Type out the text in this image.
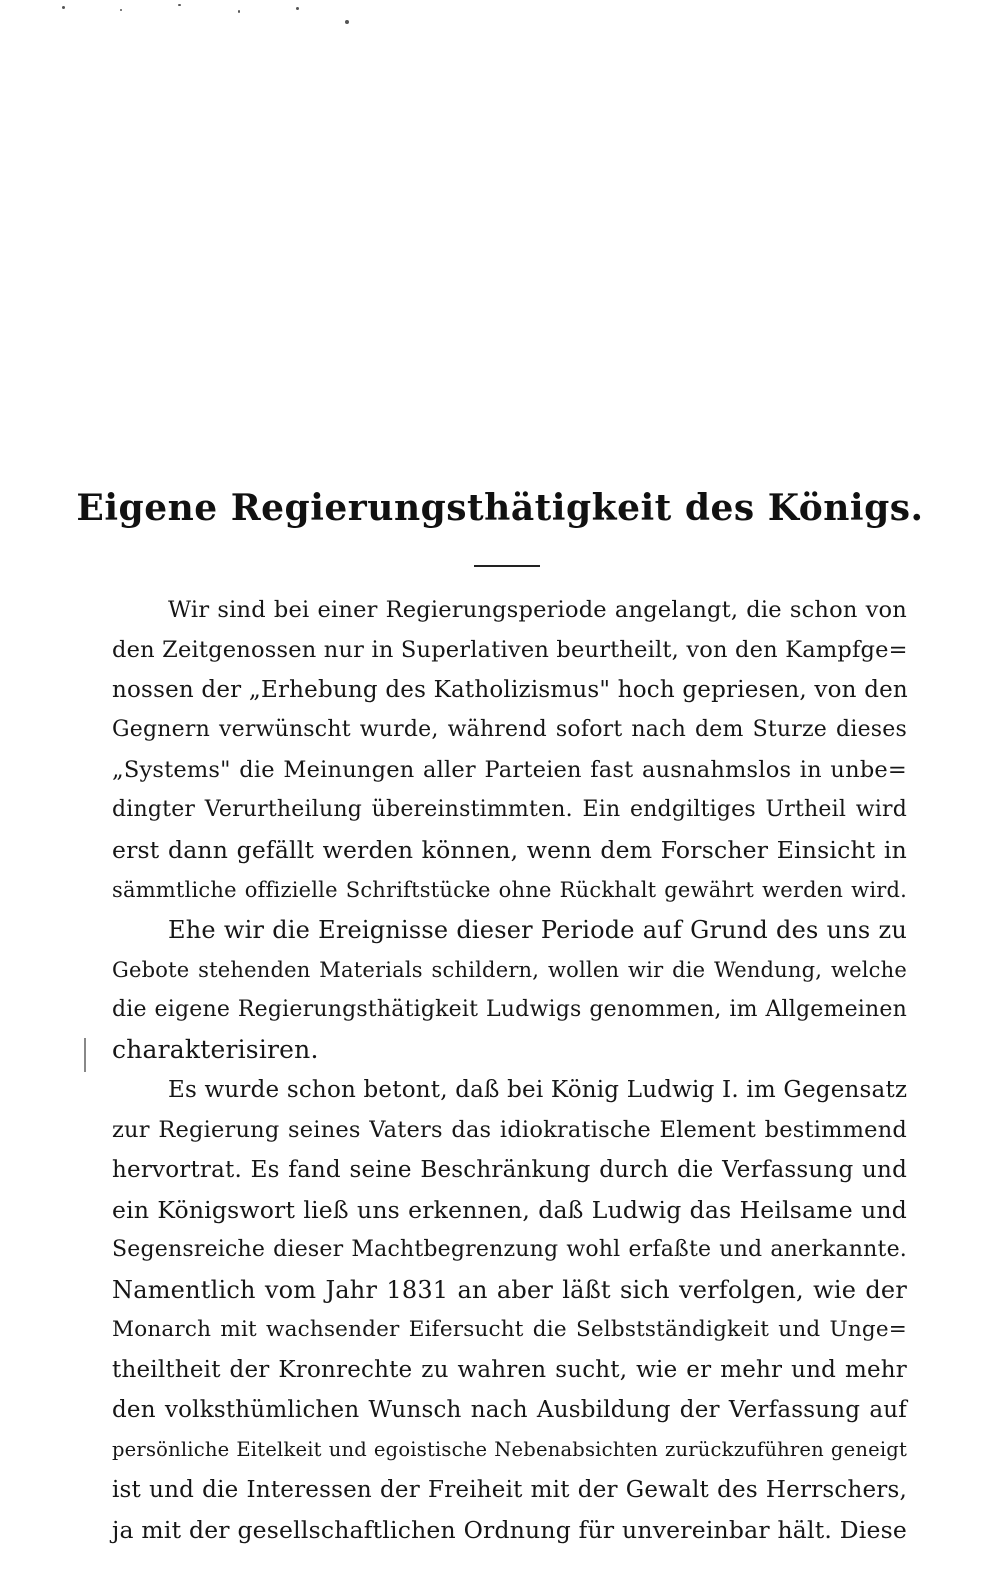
Eigene Regierungsthätigkeit des Königs.
Wir sind bei einer Regierungsperiode angelangt, die schon von
den Zeitgenossen nur in Superlativen beurtheilt, von den Kampfge=
nossen der „Erhebung des Katholizismus" hoch gepriesen, von den
Gegnern verwünscht wurde, während sofort nach dem Sturze dieses
„Systems" die Meinungen aller Parteien fast ausnahmslos in unbe=
dingter Verurtheilung übereinstimmten. Ein endgiltiges Urtheil wird
erst dann gefällt werden können, wenn dem Forscher Einsicht in
sämmtliche offizielle Schriftstücke ohne Rückhalt gewährt werden wird.
Ehe wir die Ereignisse dieser Periode auf Grund des uns zu
Gebote stehenden Materials schildern, wollen wir die Wendung, welche
die eigene Regierungsthätigkeit Ludwigs genommen, im Allgemeinen
charakterisiren.
Es wurde schon betont, daß bei König Ludwig I. im Gegensatz
zur Regierung seines Vaters das idiokratische Element bestimmend
hervortrat. Es fand seine Beschränkung durch die Verfassung und
ein Königswort ließ uns erkennen, daß Ludwig das Heilsame und
Segensreiche dieser Machtbegrenzung wohl erfaßte und anerkannte.
Namentlich vom Jahr 1831 an aber läßt sich verfolgen, wie der
Monarch mit wachsender Eifersucht die Selbstständigkeit und Unge=
theiltheit der Kronrechte zu wahren sucht, wie er mehr und mehr
den volksthümlichen Wunsch nach Ausbildung der Verfassung auf
persönliche Eitelkeit und egoistische Nebenabsichten zurückzuführen geneigt
ist und die Interessen der Freiheit mit der Gewalt des Herrschers,
ja mit der gesellschaftlichen Ordnung für unvereinbar hält. Diese
